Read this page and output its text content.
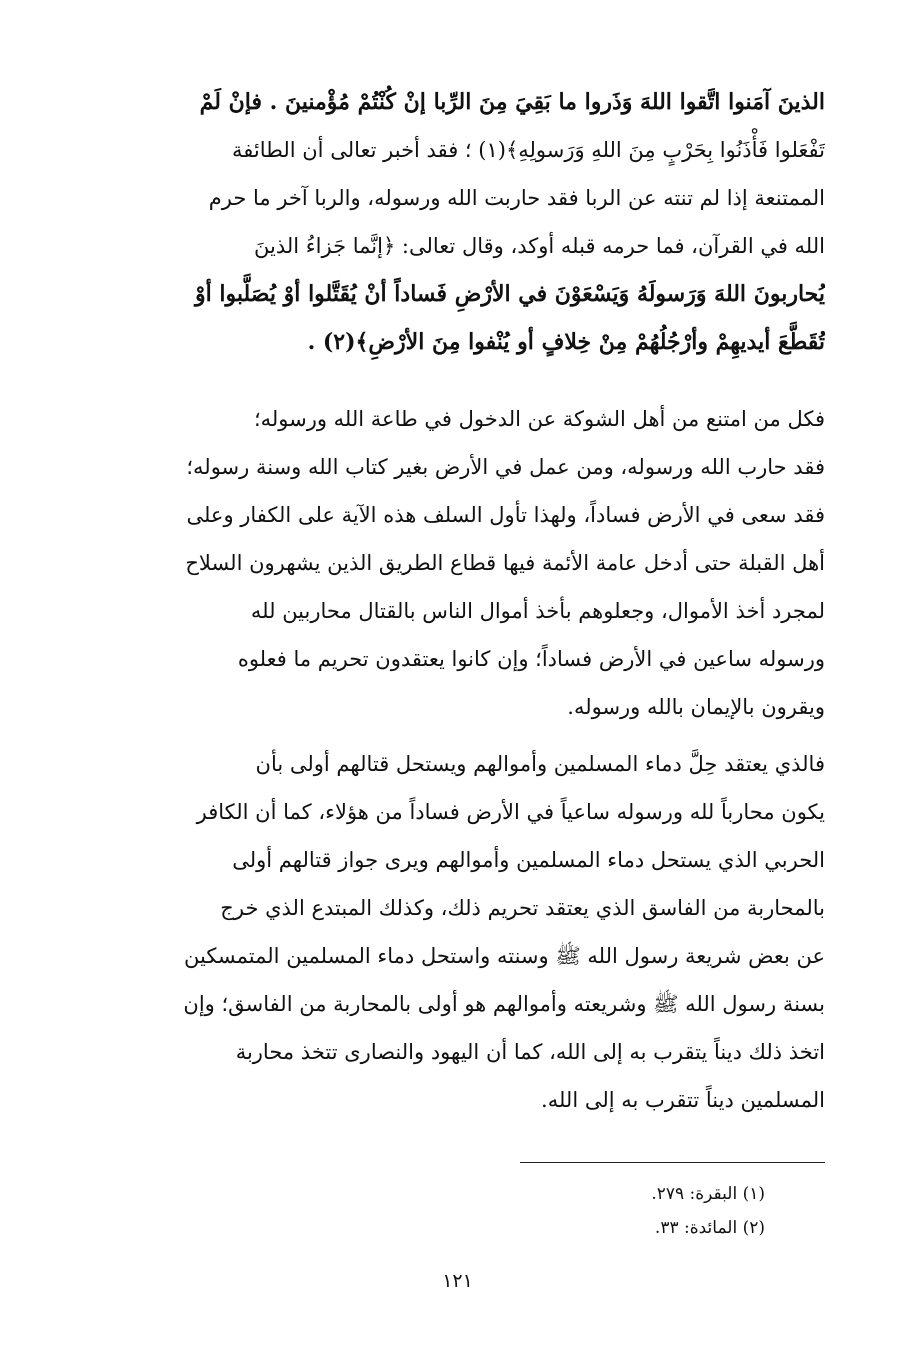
الذينَ آمَنوا اتَّقوا اللهَ وَذَروا ما بَقِيَ مِنَ الرِّبا إنْ كُنْتُمْ مُؤْمنينَ . فإنْ لَمْ
تَفْعَلوا فَأْذَنُوا بِحَرْبٍ مِنَ اللهِ وَرَسولِهِ﴾(١) ؛ فقد أخبر تعالى أن الطائفة
الممتنعة إذا لم تنته عن الربا فقد حاربت الله ورسوله، والربا آخر ما حرم
الله في القرآن، فما حرمه قبله أوكد، وقال تعالى: ﴿إنَّما جَزاءُ الذينَ
يُحاربونَ اللهَ وَرَسولَهُ وَيَسْعَوْنَ في الأرْضِ فَساداً أنْ يُقَتَّلوا أوْ يُصَلَّبوا أوْ
تُقَطَّعَ أيديهِمْ وأرْجُلُهُمْ مِنْ خِلافٍ أو يُنْفوا مِنَ الأرْضِ﴾(٢) .
فكل من امتنع من أهل الشوكة عن الدخول في طاعة الله ورسوله؛
فقد حارب الله ورسوله، ومن عمل في الأرض بغير كتاب الله وسنة رسوله؛
فقد سعى في الأرض فساداً، ولهذا تأول السلف هذه الآية على الكفار وعلى
أهل القبلة حتى أدخل عامة الأئمة فيها قطاع الطريق الذين يشهرون السلاح
لمجرد أخذ الأموال، وجعلوهم بأخذ أموال الناس بالقتال محاربين لله
ورسوله ساعين في الأرض فساداً؛ وإن كانوا يعتقدون تحريم ما فعلوه
ويقرون بالإيمان بالله ورسوله.
فالذي يعتقد حِلَّ دماء المسلمين وأموالهم ويستحل قتالهم أولى بأن
يكون محارباً لله ورسوله ساعياً في الأرض فساداً من هؤلاء، كما أن الكافر
الحربي الذي يستحل دماء المسلمين وأموالهم ويرى جواز قتالهم أولى
بالمحاربة من الفاسق الذي يعتقد تحريم ذلك، وكذلك المبتدع الذي خرج
عن بعض شريعة رسول الله ﷺ وسنته واستحل دماء المسلمين المتمسكين
بسنة رسول الله ﷺ وشريعته وأموالهم هو أولى بالمحاربة من الفاسق؛ وإن
اتخذ ذلك ديناً يتقرب به إلى الله، كما أن اليهود والنصارى تتخذ محاربة
المسلمين ديناً تتقرب به إلى الله.
(١) البقرة: ٢٧٩.
(٢) المائدة: ٣٣.
١٢١
